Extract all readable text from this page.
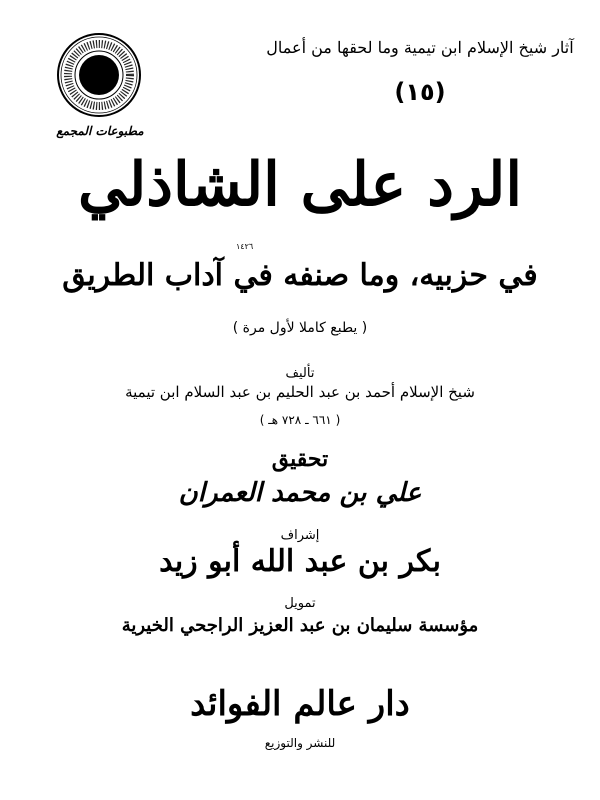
مطبوعات المجمع
آثار شيخ الإسلام ابن تيمية وما لحقها من أعمال
(١٥)
الرد على الشاذلي
١٤٢٦
في حزبيه، وما صنفه في آداب الطريق
( يطبع كاملا لأول مرة )
تأليف
شيخ الإسلام أحمد بن عبد الحليم بن عبد السلام ابن تيمية
( ٦٦١ ـ ٧٢٨ هـ )
تحقيق
علي بن محمد العمران
إشراف
بكر بن عبد الله أبو زيد
تمويل
مؤسسة سليمان بن عبد العزيز الراجحي الخيرية
دار عالم الفوائد
للنشر والتوزيع
